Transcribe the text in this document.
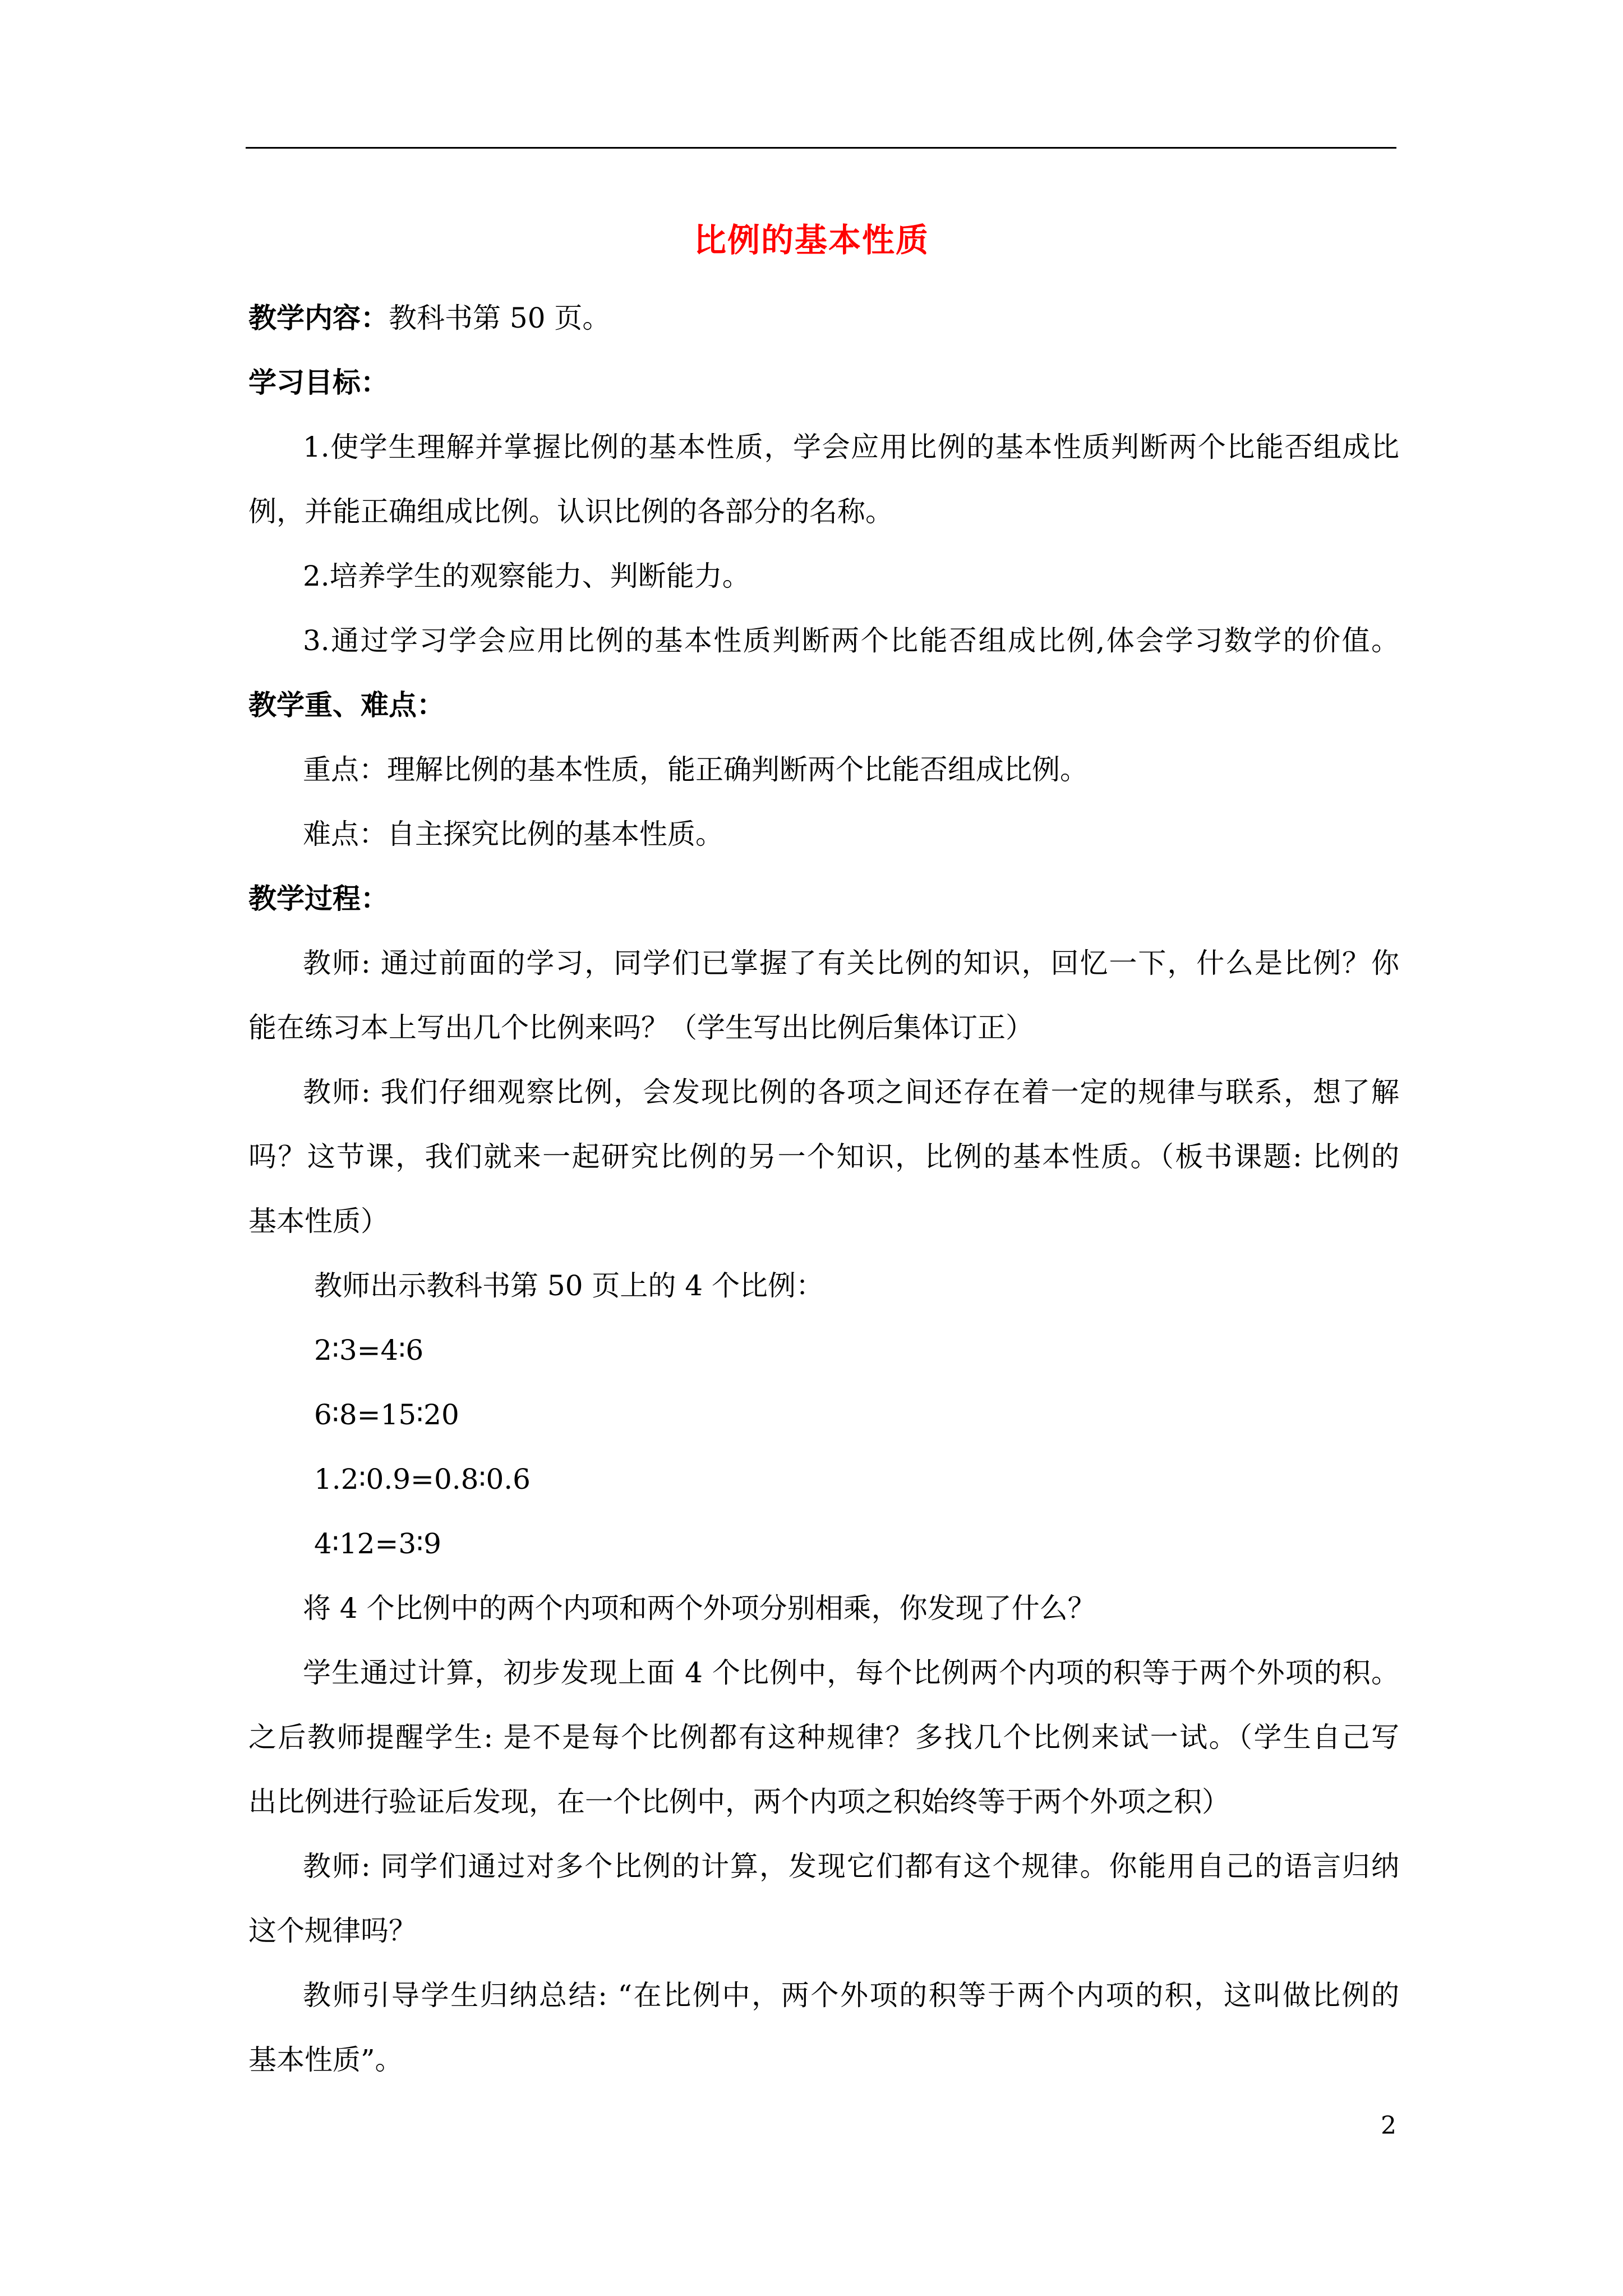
比例的基本性质
教学内容：教科书第 50 页。
学习目标：
1.使学生理解并掌握比例的基本性质，学会应用比例的基本性质判断两个比能否组成比
例，并能正确组成比例。认识比例的各部分的名称。
2.培养学生的观察能力、判断能力。
3.通过学习学会应用比例的基本性质判断两个比能否组成比例,体会学习数学的价值。
教学重、难点：
重点：理解比例的基本性质，能正确判断两个比能否组成比例。
难点：自主探究比例的基本性质。
教学过程：
教师: 通过前面的学习，同学们已掌握了有关比例的知识，回忆一下，什么是比例？你
能在练习本上写出几个比例来吗？（学生写出比例后集体订正）
教师: 我们仔细观察比例，会发现比例的各项之间还存在着一定的规律与联系，想了解
吗？这节课，我们就来一起研究比例的另一个知识，比例的基本性质。（板书课题: 比例的
基本性质）
教师出示教科书第 50 页上的 4 个比例：
2∶3=4∶6
6∶8=15∶20
1.2∶0.9=0.8∶0.6
4∶12=3∶9
将 4 个比例中的两个内项和两个外项分别相乘，你发现了什么？
学生通过计算，初步发现上面 4 个比例中，每个比例两个内项的积等于两个外项的积。
之后教师提醒学生: 是不是每个比例都有这种规律？多找几个比例来试一试。（学生自己写
出比例进行验证后发现，在一个比例中，两个内项之积始终等于两个外项之积）
教师: 同学们通过对多个比例的计算，发现它们都有这个规律。你能用自己的语言归纳
这个规律吗？
教师引导学生归纳总结: “在比例中，两个外项的积等于两个内项的积，这叫做比例的
基本性质”。
2
